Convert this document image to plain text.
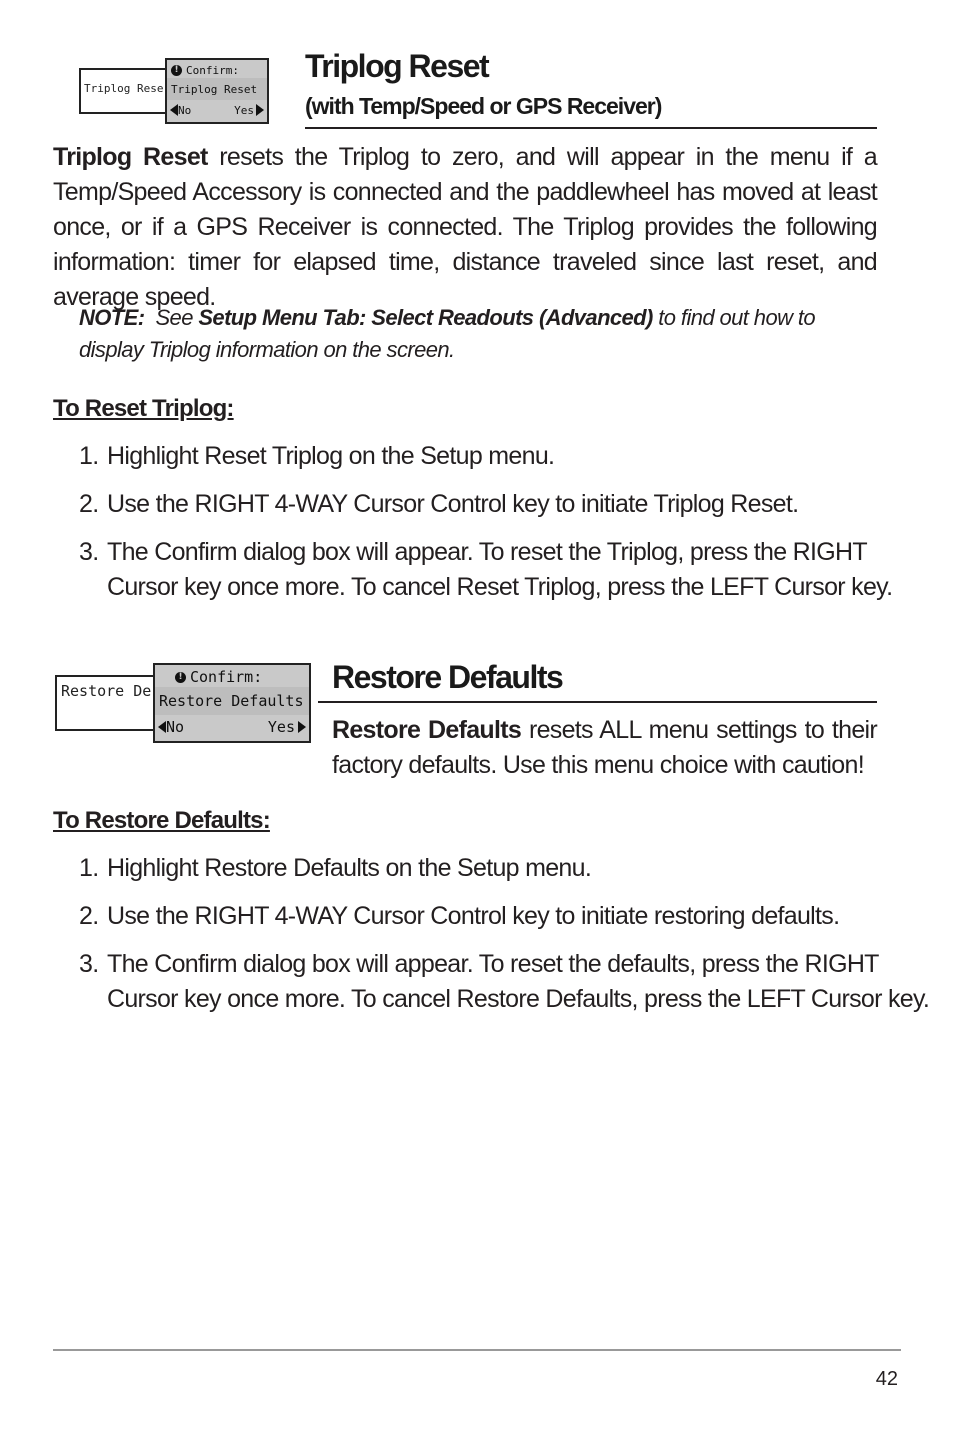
Triplog Rese
! Confirm:
Triplog Reset
No	Yes
Triplog Reset
(with Temp/Speed or GPS Receiver)
Triplog Reset resets the Triplog to zero, and will appear in the menu if a Temp/Speed Accessory is connected and the paddlewheel has moved at least once, or if a GPS Receiver is connected. The Triplog provides the following information: timer for elapsed time, distance traveled since last reset, and average speed.
NOTE: See Setup Menu Tab: Select Readouts (Advanced) to find out how to display Triplog information on the screen.
To Reset Triplog:
1. Highlight Reset Triplog on the Setup menu.
2. Use the RIGHT 4-WAY Cursor Control key to initiate Triplog Reset.
3. The Confirm dialog box will appear. To reset the Triplog, press the RIGHT
Cursor key once more. To cancel Reset Triplog, press the LEFT Cursor key.
Restore De
! Confirm:
Restore Defaults
No	Yes
Restore Defaults
Restore Defaults resets ALL menu settings to their factory defaults. Use this menu choice with caution!
To Restore Defaults:
1. Highlight Restore Defaults on the Setup menu.
2. Use the RIGHT 4-WAY Cursor Control key to initiate restoring defaults.
3. The Confirm dialog box will appear. To reset the defaults, press the RIGHT
Cursor key once more. To cancel Restore Defaults, press the LEFT Cursor key.
42
